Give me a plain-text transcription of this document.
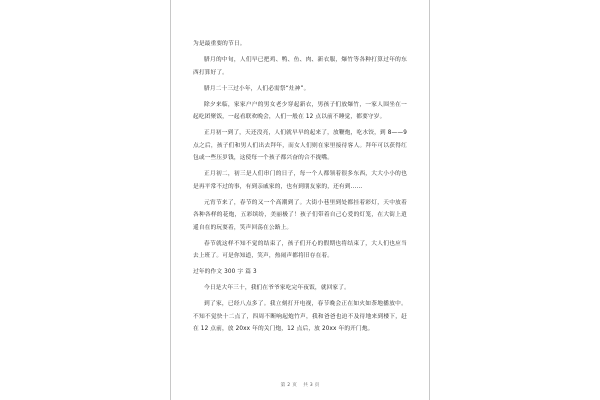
为是最重要的节日。
腊月的中旬，人们早已把鸡、鸭、鱼、肉、新衣服，爆竹等各种打算过年的东西打算好了。
腊月二十三过小年，人们必需祭“灶神”。
除夕来临，家家户户的男女老少穿起新衣，男孩子们放爆竹，一家人围坐在一起吃团聚饭，一起看联欢晚会，人们一般在 12 点以前不睡觉，都要守岁。
正月初一到了，天还没亮，人们就早早的起来了，放鞭炮，吃水饺，到 8——9 点之后，孩子们和男人们出去拜年，而女人们则在家里接待客人。拜年可以获得红包或一些压岁钱，这使每一个孩子都兴奋的合不拢嘴。
正月初二，初三是人们串门的日子，每一个人都领着很多东西，大大小小的也是再平常不过的事，有到亲戚家的，也有到朋友家的，还有到……
元宵节来了，春节的又一个高潮到了。大街小巷里到处都挂着彩灯，天中放着各种各样的花炮，五彩缤纷，美丽极了！孩子们带着自己心爱的灯笼，在大街上逍遥自在的玩耍着，笑声回荡在公路上。
春节就这样不知不觉的结束了，孩子们开心的假期也将结束了，大人们也应当去上班了。可是你知道，笑声，热闹声都将旧存在着。
过年的作文 300 字 篇 3
今日是大年三十，我们在爷爷家吃完年夜饭，就回家了。
到了家，已经八点多了。我立刻打开电视，春节晚会正在如火如荼地播放中。不知不觉快十二点了，四周不断响起炮竹声，我和爸爸也迫不及待地来到楼下，赶在 12 点前，放 20xx 年的关门炮，12 点后，放 20xx 年的开门炮。
第 2 页 共 3 页
